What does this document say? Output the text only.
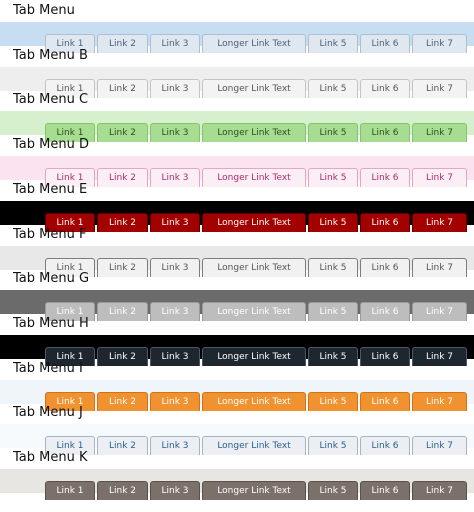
Tab Menu
Link 1	Link 2	Link 3	Longer Link Text	Link 5	Link 6	Link 7
Tab Menu B
Link 1	Link 2	Link 3	Longer Link Text	Link 5	Link 6	Link 7
Tab Menu C
Link 1	Link 2	Link 3	Longer Link Text	Link 5	Link 6	Link 7
Tab Menu D
Link 1	Link 2	Link 3	Longer Link Text	Link 5	Link 6	Link 7
Tab Menu E
Link 1	Link 2	Link 3	Longer Link Text	Link 5	Link 6	Link 7
Tab Menu F
Link 1	Link 2	Link 3	Longer Link Text	Link 5	Link 6	Link 7
Tab Menu G
Link 1	Link 2	Link 3	Longer Link Text	Link 5	Link 6	Link 7
Tab Menu H
Link 1	Link 2	Link 3	Longer Link Text	Link 5	Link 6	Link 7
Tab Menu I
Link 1	Link 2	Link 3	Longer Link Text	Link 5	Link 6	Link 7
Tab Menu J
Link 1	Link 2	Link 3	Longer Link Text	Link 5	Link 6	Link 7
Tab Menu K
Link 1	Link 2	Link 3	Longer Link Text	Link 5	Link 6	Link 7
